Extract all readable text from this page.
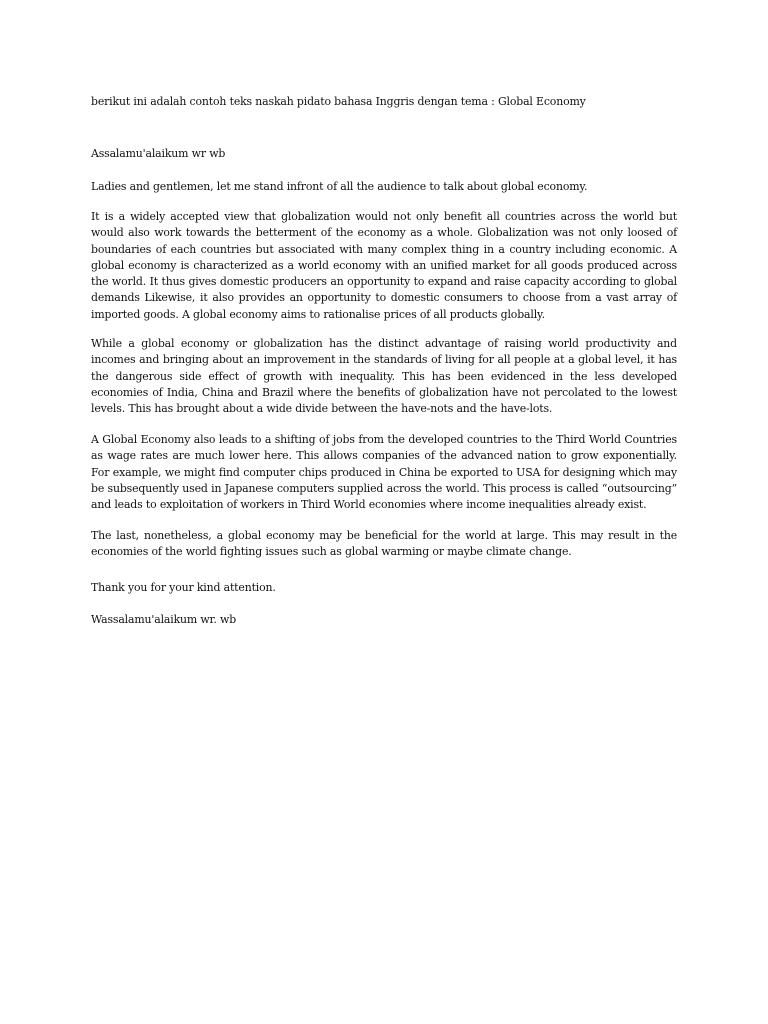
berikut ini adalah contoh teks naskah pidato bahasa Inggris dengan tema : Global Economy
Assalamu'alaikum wr wb
Ladies and gentlemen, let me stand infront of all the audience to talk about global economy.
It is a widely accepted view that globalization would not only benefit all countries across the world but would also work towards the betterment of the economy as a whole. Globalization was not only loosed of boundaries of each countries but associated with many complex thing in a country including economic. A global economy is characterized as a world economy with an unified market for all goods produced across the world. It thus gives domestic producers an opportunity to expand and raise capacity according to global demands Likewise, it also provides an opportunity to domestic consumers to choose from a vast array of imported goods. A global economy aims to rationalise prices of all products globally.
While a global economy or globalization has the distinct advantage of raising world productivity and incomes and bringing about an improvement in the standards of living for all people at a global level, it has the dangerous side effect of growth with inequality. This has been evidenced in the less developed economies of India, China and Brazil where the benefits of globalization have not percolated to the lowest levels. This has brought about a wide divide between the have-nots and the have-lots.
A Global Economy also leads to a shifting of jobs from the developed countries to the Third World Countries as wage rates are much lower here. This allows companies of the advanced nation to grow exponentially. For example, we might find computer chips produced in China be exported to USA for designing which may be subsequently used in Japanese computers supplied across the world. This process is called “outsourcing” and leads to exploitation of workers in Third World economies where income inequalities already exist.
The last, nonetheless, a global economy may be beneficial for the world at large. This may result in the economies of the world fighting issues such as global warming or maybe climate change.
Thank you for your kind attention.
Wassalamu'alaikum wr. wb
